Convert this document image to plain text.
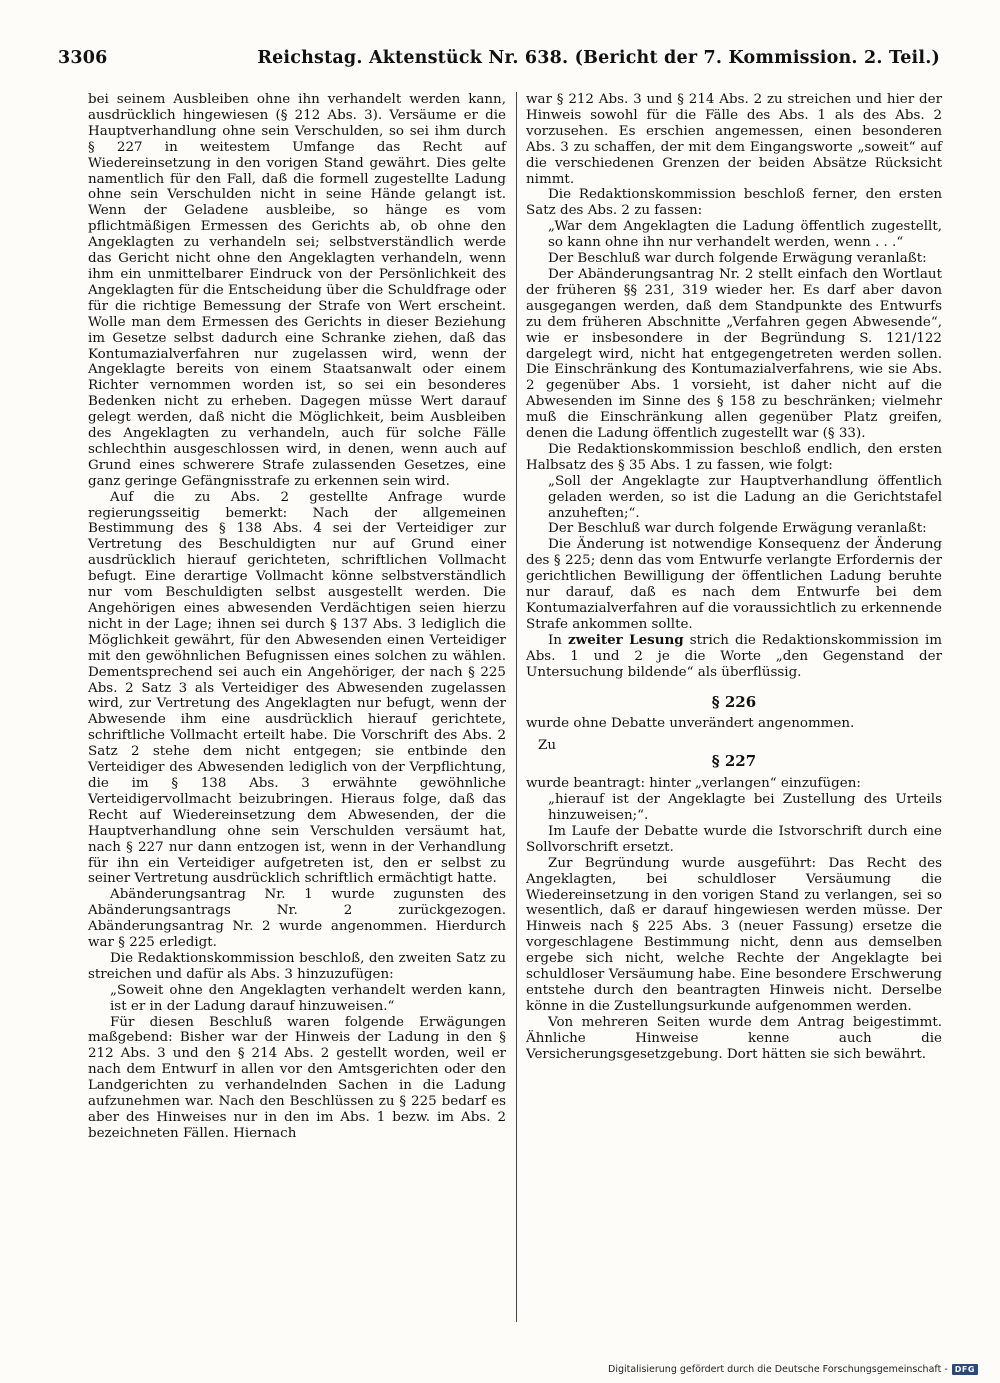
3306	Reichstag. Aktenstück Nr. 638. (Bericht der 7. Kommission. 2. Teil.)

bei seinem Ausbleiben ohne ihn verhandelt werden kann, ausdrücklich hingewiesen (§ 212 Abs. 3). Versäume er die Hauptverhandlung ohne sein Verschulden, so sei ihm durch § 227 in weitestem Umfange das Recht auf Wiedereinsetzung in den vorigen Stand gewährt. Dies gelte namentlich für den Fall, daß die formell zugestellte Ladung ohne sein Verschulden nicht in seine Hände gelangt ist. Wenn der Geladene ausbleibe, so hänge es vom pflichtmäßigen Ermessen des Gerichts ab, ob ohne den Angeklagten zu verhandeln sei; selbstverständlich werde das Gericht nicht ohne den Angeklagten verhandeln, wenn ihm ein unmittelbarer Eindruck von der Persönlichkeit des Angeklagten für die Entscheidung über die Schuldfrage oder für die richtige Bemessung der Strafe von Wert erscheint. Wolle man dem Ermessen des Gerichts in dieser Beziehung im Gesetze selbst dadurch eine Schranke ziehen, daß das Kontumazialverfahren nur zugelassen wird, wenn der Angeklagte bereits von einem Staatsanwalt oder einem Richter vernommen worden ist, so sei ein besonderes Bedenken nicht zu erheben. Dagegen müsse Wert darauf gelegt werden, daß nicht die Möglichkeit, beim Ausbleiben des Angeklagten zu verhandeln, auch für solche Fälle schlechthin ausgeschlossen wird, in denen, wenn auch auf Grund eines schwerere Strafe zulassenden Gesetzes, eine ganz geringe Gefängnisstrafe zu erkennen sein wird.

Auf die zu Abs. 2 gestellte Anfrage wurde regierungsseitig bemerkt: Nach der allgemeinen Bestimmung des § 138 Abs. 4 sei der Verteidiger zur Vertretung des Beschuldigten nur auf Grund einer ausdrücklich hierauf gerichteten, schriftlichen Vollmacht befugt. Eine derartige Vollmacht könne selbstverständlich nur vom Beschuldigten selbst ausgestellt werden. Die Angehörigen eines abwesenden Verdächtigen seien hierzu nicht in der Lage; ihnen sei durch § 137 Abs. 3 lediglich die Möglichkeit gewährt, für den Abwesenden einen Verteidiger mit den gewöhnlichen Befugnissen eines solchen zu wählen. Dementsprechend sei auch ein Angehöriger, der nach § 225 Abs. 2 Satz 3 als Verteidiger des Abwesenden zugelassen wird, zur Vertretung des Angeklagten nur befugt, wenn der Abwesende ihm eine ausdrücklich hierauf gerichtete, schriftliche Vollmacht erteilt habe. Die Vorschrift des Abs. 2 Satz 2 stehe dem nicht entgegen; sie entbinde den Verteidiger des Abwesenden lediglich von der Verpflichtung, die im § 138 Abs. 3 erwähnte gewöhnliche Verteidigervollmacht beizubringen. Hieraus folge, daß das Recht auf Wiedereinsetzung dem Abwesenden, der die Hauptverhandlung ohne sein Verschulden versäumt hat, nach § 227 nur dann entzogen ist, wenn in der Verhandlung für ihn ein Verteidiger aufgetreten ist, den er selbst zu seiner Vertretung ausdrücklich schriftlich ermächtigt hatte.

Abänderungsantrag Nr. 1 wurde zugunsten des Abänderungsantrags Nr. 2 zurückgezogen. Abänderungsantrag Nr. 2 wurde angenommen. Hierdurch war § 225 erledigt.

Die Redaktionskommission beschloß, den zweiten Satz zu streichen und dafür als Abs. 3 hinzuzufügen:

„Soweit ohne den Angeklagten verhandelt werden kann, ist er in der Ladung darauf hinzuweisen.“

Für diesen Beschluß waren folgende Erwägungen maßgebend: Bisher war der Hinweis der Ladung in den § 212 Abs. 3 und den § 214 Abs. 2 gestellt worden, weil er nach dem Entwurf in allen vor den Amtsgerichten oder den Landgerichten zu verhandelnden Sachen in die Ladung aufzunehmen war. Nach den Beschlüssen zu § 225 bedarf es aber des Hinweises nur in den im Abs. 1 bezw. im Abs. 2 bezeichneten Fällen. Hiernach

war § 212 Abs. 3 und § 214 Abs. 2 zu streichen und hier der Hinweis sowohl für die Fälle des Abs. 1 als des Abs. 2 vorzusehen. Es erschien angemessen, einen besonderen Abs. 3 zu schaffen, der mit dem Eingangsworte „soweit“ auf die verschiedenen Grenzen der beiden Absätze Rücksicht nimmt.

Die Redaktionskommission beschloß ferner, den ersten Satz des Abs. 2 zu fassen:

„War dem Angeklagten die Ladung öffentlich zugestellt, so kann ohne ihn nur verhandelt werden, wenn . . .“

Der Beschluß war durch folgende Erwägung veranlaßt:

Der Abänderungsantrag Nr. 2 stellt einfach den Wortlaut der früheren §§ 231, 319 wieder her. Es darf aber davon ausgegangen werden, daß dem Standpunkte des Entwurfs zu dem früheren Abschnitte „Verfahren gegen Abwesende“, wie er insbesondere in der Begründung S. 121/122 dargelegt wird, nicht hat entgegengetreten werden sollen. Die Einschränkung des Kontumazialverfahrens, wie sie Abs. 2 gegenüber Abs. 1 vorsieht, ist daher nicht auf die Abwesenden im Sinne des § 158 zu beschränken; vielmehr muß die Einschränkung allen gegenüber Platz greifen, denen die Ladung öffentlich zugestellt war (§ 33).

Die Redaktionskommission beschloß endlich, den ersten Halbsatz des § 35 Abs. 1 zu fassen, wie folgt:

„Soll der Angeklagte zur Hauptverhandlung öffentlich geladen werden, so ist die Ladung an die Gerichtstafel anzuheften;“.

Der Beschluß war durch folgende Erwägung veranlaßt:

Die Änderung ist notwendige Konsequenz der Änderung des § 225; denn das vom Entwurfe verlangte Erfordernis der gerichtlichen Bewilligung der öffentlichen Ladung beruhte nur darauf, daß es nach dem Entwurfe bei dem Kontumazialverfahren auf die voraussichtlich zu erkennende Strafe ankommen sollte.

In zweiter Lesung strich die Redaktionskommission im Abs. 1 und 2 je die Worte „den Gegenstand der Untersuchung bildende“ als überflüssig.

§ 226

wurde ohne Debatte unverändert angenommen.

Zu
§ 227

wurde beantragt: hinter „verlangen“ einzufügen:

„hierauf ist der Angeklagte bei Zustellung des Urteils hinzuweisen;“.

Im Laufe der Debatte wurde die Istvorschrift durch eine Sollvorschrift ersetzt.

Zur Begründung wurde ausgeführt: Das Recht des Angeklagten, bei schuldloser Versäumung die Wiedereinsetzung in den vorigen Stand zu verlangen, sei so wesentlich, daß er darauf hingewiesen werden müsse. Der Hinweis nach § 225 Abs. 3 (neuer Fassung) ersetze die vorgeschlagene Bestimmung nicht, denn aus demselben ergebe sich nicht, welche Rechte der Angeklagte bei schuldloser Versäumung habe. Eine besondere Erschwerung entstehe durch den beantragten Hinweis nicht. Derselbe könne in die Zustellungsurkunde aufgenommen werden.

Von mehreren Seiten wurde dem Antrag beigestimmt. Ähnliche Hinweise kenne auch die Versicherungsgesetzgebung. Dort hätten sie sich bewährt.

Digitalisierung gefördert durch die Deutsche Forschungsgemeinschaft - DFG
